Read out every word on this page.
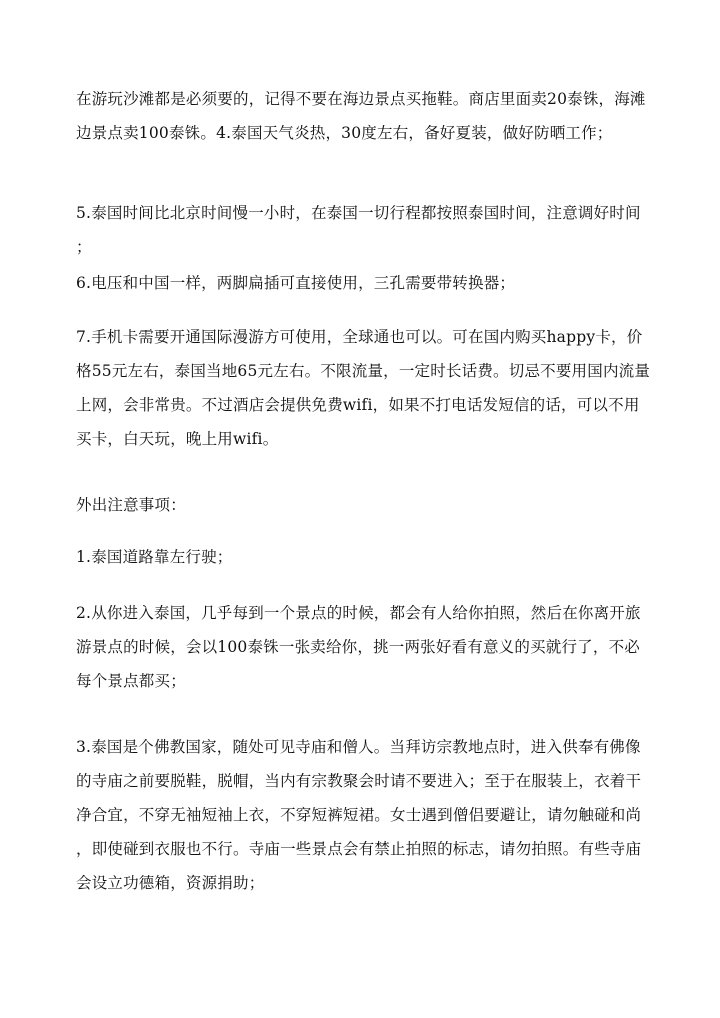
在游玩沙滩都是必须要的，记得不要在海边景点买拖鞋。商店里面卖20泰铢，海滩
边景点卖100泰铢。4.泰国天气炎热，30度左右，备好夏装，做好防晒工作；
5.泰国时间比北京时间慢一小时，在泰国一切行程都按照泰国时间，注意调好时间
；
6.电压和中国一样，两脚扁插可直接使用，三孔需要带转换器；
7.手机卡需要开通国际漫游方可使用，全球通也可以。可在国内购买happy卡，价
格55元左右，泰国当地65元左右。不限流量，一定时长话费。切忌不要用国内流量
上网，会非常贵。不过酒店会提供免费wifi，如果不打电话发短信的话，可以不用
买卡，白天玩，晚上用wifi。
外出注意事项：
1.泰国道路靠左行驶；
2.从你进入泰国，几乎每到一个景点的时候，都会有人给你拍照，然后在你离开旅
游景点的时候，会以100泰铢一张卖给你，挑一两张好看有意义的买就行了，不必
每个景点都买；
3.泰国是个佛教国家，随处可见寺庙和僧人。当拜访宗教地点时，进入供奉有佛像
的寺庙之前要脱鞋，脱帽，当内有宗教聚会时请不要进入；至于在服装上，衣着干
净合宜，不穿无袖短袖上衣，不穿短裤短裙。女士遇到僧侣要避让，请勿触碰和尚
，即使碰到衣服也不行。寺庙一些景点会有禁止拍照的标志，请勿拍照。有些寺庙
会设立功德箱，资源捐助；
